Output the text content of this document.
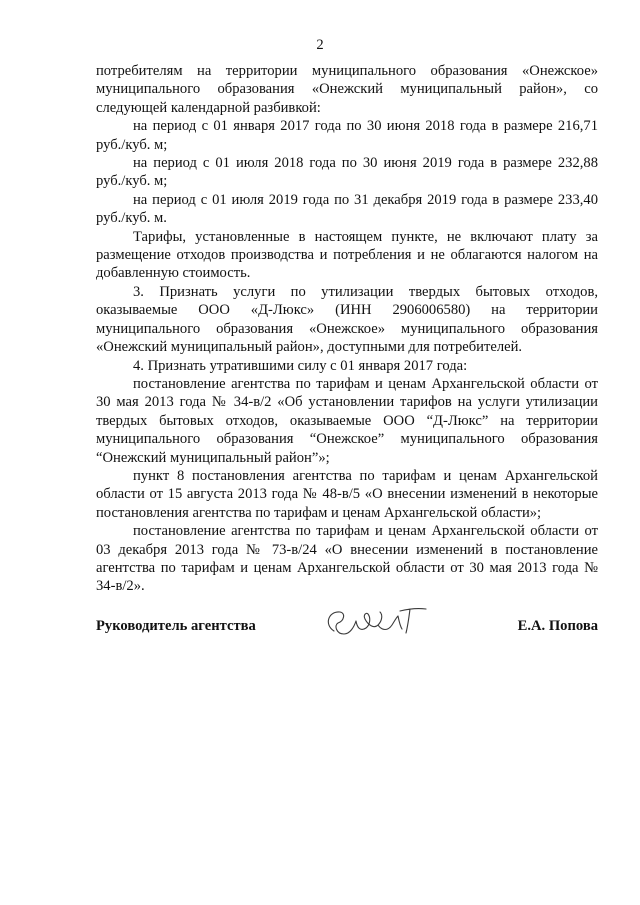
2

потребителям на территории муниципального образования «Онежское» муниципального образования «Онежский муниципальный район», со следующей календарной разбивкой:

на период с 01 января 2017 года по 30 июня 2018 года в размере 216,71 руб./куб. м;

на период с 01 июля 2018 года по 30 июня 2019 года в размере 232,88 руб./куб. м;

на период с 01 июля 2019 года по 31 декабря 2019 года в размере 233,40 руб./куб. м.

Тарифы, установленные в настоящем пункте, не включают плату за размещение отходов производства и потребления и не облагаются налогом на добавленную стоимость.

3. Признать услуги по утилизации твердых бытовых отходов, оказываемые ООО «Д-Люкс» (ИНН 2906006580) на территории муниципального образования «Онежское» муниципального образования «Онежский муниципальный район», доступными для потребителей.

4. Признать утратившими силу с 01 января 2017 года:

постановление агентства по тарифам и ценам Архангельской области от 30 мая 2013 года № 34-в/2 «Об установлении тарифов на услуги утилизации твердых бытовых отходов, оказываемые ООО “Д-Люкс” на территории муниципального образования “Онежское” муниципального образования “Онежский муниципальный район”»;

пункт 8 постановления агентства по тарифам и ценам Архангельской области от 15 августа 2013 года № 48-в/5 «О внесении изменений в некоторые постановления агентства по тарифам и ценам Архангельской области»;

постановление агентства по тарифам и ценам Архангельской области от 03 декабря 2013 года № 73-в/24 «О внесении изменений в постановление агентства по тарифам и ценам Архангельской области от 30 мая 2013 года № 34-в/2».

Руководитель агентства	Е.А. Попова
